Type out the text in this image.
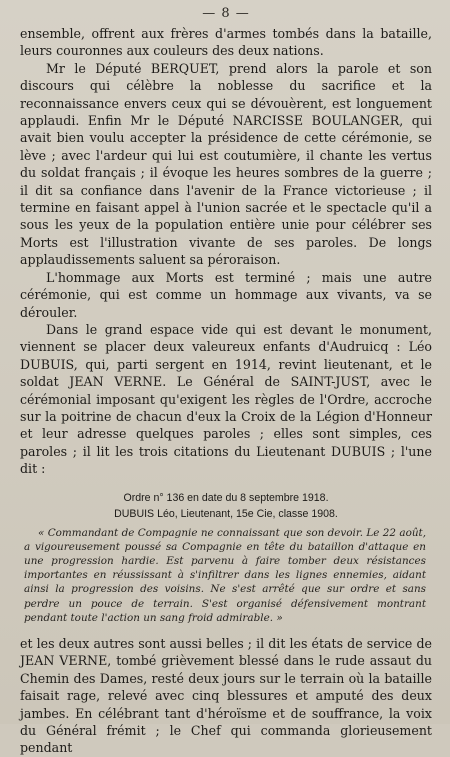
— 8 —

ensemble, offrent aux frères d'armes tombés dans la bataille, leurs couronnes aux couleurs des deux nations.

Mr le Député BERQUET, prend alors la parole et son discours qui célèbre la noblesse du sacrifice et la reconnaissance envers ceux qui se dévouèrent, est longuement applaudi. Enfin Mr le Député NARCISSE BOULANGER, qui avait bien voulu accepter la présidence de cette cérémonie, se lève ; avec l'ardeur qui lui est coutumière, il chante les vertus du soldat français ; il évoque les heures sombres de la guerre ; il dit sa confiance dans l'avenir de la France victorieuse ; il termine en faisant appel à l'union sacrée et le spectacle qu'il a sous les yeux de la population entière unie pour célébrer ses Morts est l'illustration vivante de ses paroles. De longs applaudissements saluent sa péroraison.

L'hommage aux Morts est terminé ; mais une autre cérémonie, qui est comme un hommage aux vivants, va se dérouler.

Dans le grand espace vide qui est devant le monument, viennent se placer deux valeureux enfants d'Audruicq : Léo DUBUIS, qui, parti sergent en 1914, revint lieutenant, et le soldat JEAN VERNE. Le Général de SAINT-JUST, avec le cérémonial imposant qu'exigent les règles de l'Ordre, accroche sur la poitrine de chacun d'eux la Croix de la Légion d'Honneur et leur adresse quelques paroles ; elles sont simples, ces paroles ; il lit les trois citations du Lieutenant DUBUIS ; l'une dit :

Ordre n° 136 en date du 8 septembre 1918.
DUBUIS Léo, Lieutenant, 15e Cie, classe 1908.

« Commandant de Compagnie ne connaissant que son devoir. Le 22 août, a vigoureusement poussé sa Compagnie en tête du bataillon d'attaque en une progression hardie. Est parvenu à faire tomber deux résistances importantes en réussissant à s'infiltrer dans les lignes ennemies, aidant ainsi la progression des voisins. Ne s'est arrêté que sur ordre et sans perdre un pouce de terrain. S'est organisé défensivement montrant pendant toute l'action un sang froid admirable. »

et les deux autres sont aussi belles ; il dit les états de service de JEAN VERNE, tombé grièvement blessé dans le rude assaut du Chemin des Dames, resté deux jours sur le terrain où la bataille faisait rage, relevé avec cinq blessures et amputé des deux jambes. En célébrant tant d'héroïsme et de souffrance, la voix du Général frémit ; le Chef qui commanda glorieusement pendant
